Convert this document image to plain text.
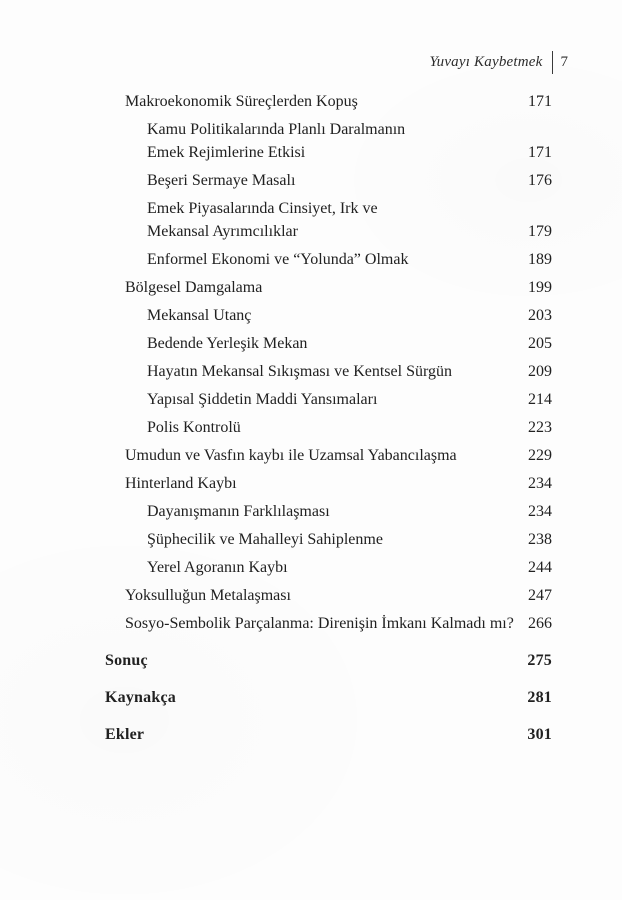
Yuvayı Kaybetmek 7
Makroekonomik Süreçlerden Kopuş	171
Kamu Politikalarında Planlı Daralmanın
Emek Rejimlerine Etkisi	171
Beşeri Sermaye Masalı	176
Emek Piyasalarında Cinsiyet, Irk ve
Mekansal Ayrımcılıklar	179
Enformel Ekonomi ve “Yolunda” Olmak	189
Bölgesel Damgalama	199
Mekansal Utanç	203
Bedende Yerleşik Mekan	205
Hayatın Mekansal Sıkışması ve Kentsel Sürgün	209
Yapısal Şiddetin Maddi Yansımaları	214
Polis Kontrolü	223
Umudun ve Vasfın kaybı ile Uzamsal Yabancılaşma	229
Hinterland Kaybı	234
Dayanışmanın Farklılaşması	234
Şüphecilik ve Mahalleyi Sahiplenme	238
Yerel Agoranın Kaybı	244
Yoksulluğun Metalaşması	247
Sosyo-Sembolik Parçalanma: Direnişin İmkanı Kalmadı mı? 266
Sonuç	275
Kaynakça	281
Ekler	301
